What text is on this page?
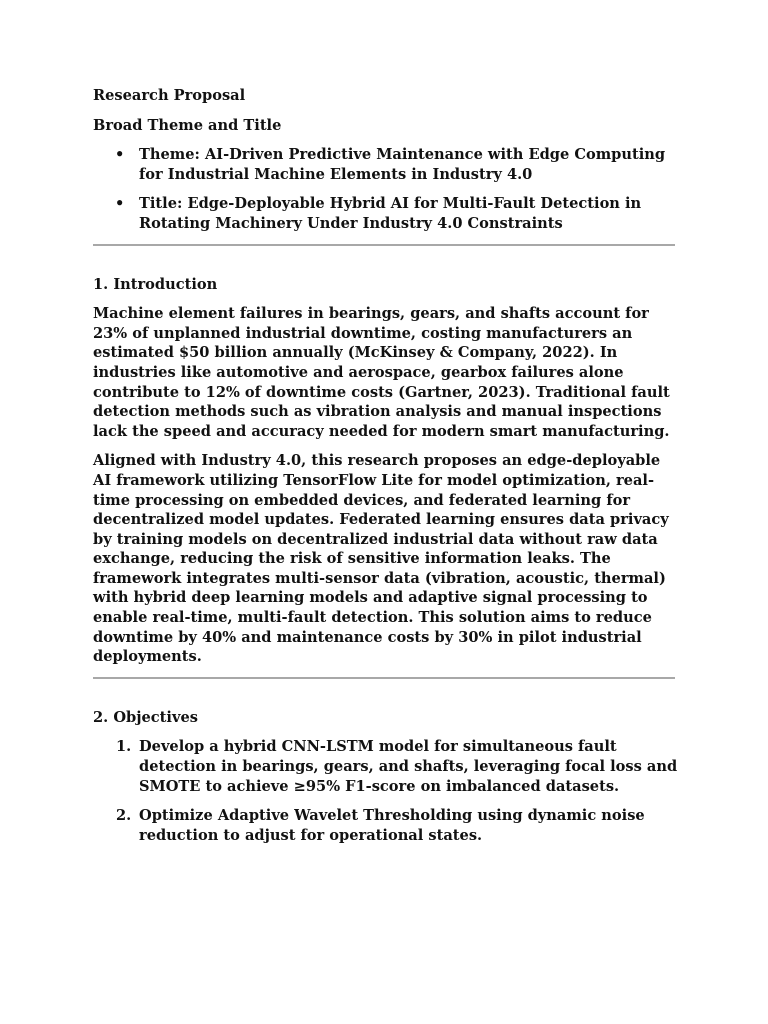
Research Proposal
Broad Theme and Title
• Theme: AI-Driven Predictive Maintenance with Edge Computing for Industrial Machine Elements in Industry 4.0
• Title: Edge-Deployable Hybrid AI for Multi-Fault Detection in Rotating Machinery Under Industry 4.0 Constraints
1. Introduction

Machine element failures in bearings, gears, and shafts account for 23% of unplanned industrial downtime, costing manufacturers an estimated $50 billion annually (McKinsey & Company, 2022). In industries like automotive and aerospace, gearbox failures alone contribute to 12% of downtime costs (Gartner, 2023). Traditional fault detection methods such as vibration analysis and manual inspections lack the speed and accuracy needed for modern smart manufacturing.

Aligned with Industry 4.0, this research proposes an edge-deployable AI framework utilizing TensorFlow Lite for model optimization, real-time processing on embedded devices, and federated learning for decentralized model updates. Federated learning ensures data privacy by training models on decentralized industrial data without raw data exchange, reducing the risk of sensitive information leaks. The framework integrates multi-sensor data (vibration, acoustic, thermal) with hybrid deep learning models and adaptive signal processing to enable real-time, multi-fault detection. This solution aims to reduce downtime by 40% and maintenance costs by 30% in pilot industrial deployments.

2. Objectives
1. Develop a hybrid CNN-LSTM model for simultaneous fault detection in bearings, gears, and shafts, leveraging focal loss and SMOTE to achieve ≥95% F1-score on imbalanced datasets.
2. Optimize Adaptive Wavelet Thresholding using dynamic noise reduction to adjust for operational states.
